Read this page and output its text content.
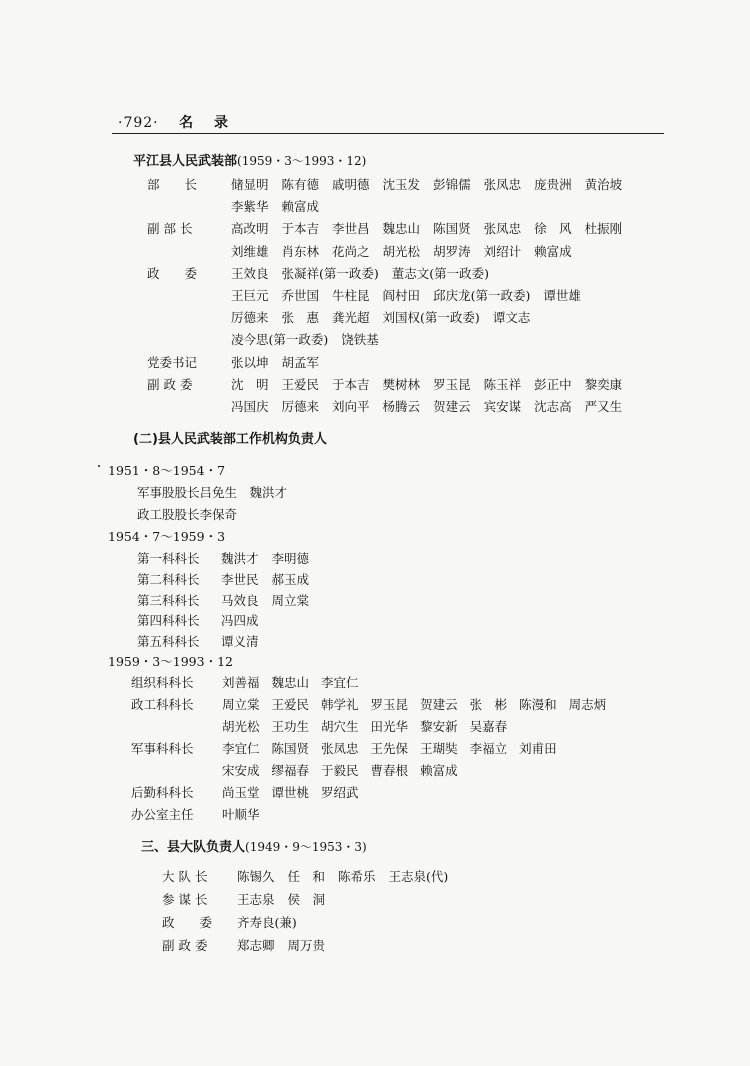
·792· 名 录
平江县人民武装部(1959・3～1993・12)
部　　长	储显明 陈有德 戚明德 沈玉发 彭锦儒 张凤忠 庞贵洲 黄治坡
李紫华 赖富成
副 部 长	高改明 于本吉 李世昌 魏忠山 陈国贤 张凤忠 徐　风 杜振刚
刘维雄 肖东林 花尚之 胡光松 胡罗涛 刘绍计 赖富成
政　　委	王效良 张凝祥(第一政委) 董志文(第一政委)
王巨元 乔世国 牛柱昆 阎村田 邱庆龙(第一政委) 谭世雄
厉德来 张　惠 龚光超 刘国权(第一政委) 谭文志
凌今思(第一政委) 饶铁基
党委书记	张以坤 胡孟军
副 政 委	沈　明 王爱民 于本吉 樊树林 罗玉昆 陈玉祥 彭正中 黎奕康
冯国庆 厉德来 刘向平 杨腾云 贺建云 宾安谋 沈志高 严又生
(二)县人民武装部工作机构负责人
1951・8～1954・7
军事股股长吕免生　魏洪才
政工股股长李保奇
1954・7～1959・3
第一科科长 魏洪才 李明德
第二科科长 李世民 郝玉成
第三科科长 马效良 周立棠
第四科科长 冯四成
第五科科长 谭义清
1959・3～1993・12
组织科科长 刘善福 魏忠山 李宜仁
政工科科长 周立棠 王爱民 韩学礼 罗玉昆 贺建云 张　彬 陈漫和 周志炳
胡光松 王功生 胡穴生 田光华 黎安新 吴嘉春
军事科科长 李宜仁 陈国贤 张凤忠 王先保 王瑚奘 李福立 刘甫田
宋安成 缪福春 于毅民 曹春根 赖富成
后勤科科长 尚玉堂 谭世桃 罗绍武
办公室主任 叶顺华
三、县大队负责人(1949・9～1953・3)
大 队 长 陈锡久 任　和 陈希乐 王志泉(代)
参 谋 长 王志泉 侯　洞
政　　委 齐寿良(兼)
副 政 委 郑志卿 周万贵
